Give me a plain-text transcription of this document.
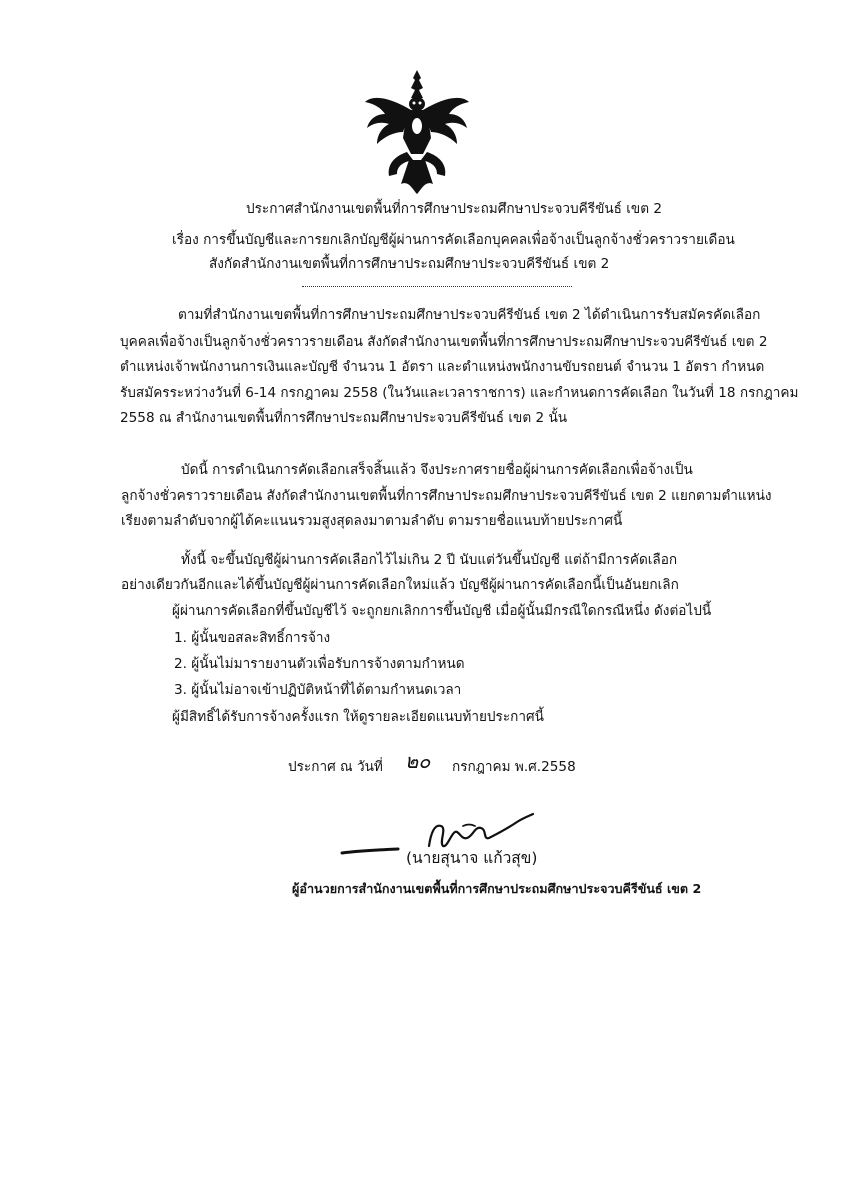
ประกาศสำนักงานเขตพื้นที่การศึกษาประถมศึกษาประจวบคีรีขันธ์ เขต 2
เรื่อง การขึ้นบัญชีและการยกเลิกบัญชีผู้ผ่านการคัดเลือกบุคคลเพื่อจ้างเป็นลูกจ้างชั่วคราวรายเดือน
สังกัดสำนักงานเขตพื้นที่การศึกษาประถมศึกษาประจวบคีรีขันธ์ เขต 2
ตามที่สำนักงานเขตพื้นที่การศึกษาประถมศึกษาประจวบคีรีขันธ์ เขต 2 ได้ดำเนินการรับสมัครคัดเลือก
บุคคลเพื่อจ้างเป็นลูกจ้างชั่วคราวรายเดือน สังกัดสำนักงานเขตพื้นที่การศึกษาประถมศึกษาประจวบคีรีขันธ์ เขต 2
ตำแหน่งเจ้าพนักงานการเงินและบัญชี จำนวน 1 อัตรา และตำแหน่งพนักงานขับรถยนต์ จำนวน 1 อัตรา กำหนด
รับสมัครระหว่างวันที่ 6-14 กรกฎาคม 2558 (ในวันและเวลาราชการ) และกำหนดการคัดเลือก ในวันที่ 18 กรกฎาคม
2558 ณ สำนักงานเขตพื้นที่การศึกษาประถมศึกษาประจวบคีรีขันธ์ เขต 2 นั้น
บัดนี้ การดำเนินการคัดเลือกเสร็จสิ้นแล้ว จึงประกาศรายชื่อผู้ผ่านการคัดเลือกเพื่อจ้างเป็น
ลูกจ้างชั่วคราวรายเดือน สังกัดสำนักงานเขตพื้นที่การศึกษาประถมศึกษาประจวบคีรีขันธ์ เขต 2 แยกตามตำแหน่ง
เรียงตามลำดับจากผู้ได้คะแนนรวมสูงสุดลงมาตามลำดับ ตามรายชื่อแนบท้ายประกาศนี้
ทั้งนี้ จะขึ้นบัญชีผู้ผ่านการคัดเลือกไว้ไม่เกิน 2 ปี นับแต่วันขึ้นบัญชี แต่ถ้ามีการคัดเลือก
อย่างเดียวกันอีกและได้ขึ้นบัญชีผู้ผ่านการคัดเลือกใหม่แล้ว บัญชีผู้ผ่านการคัดเลือกนี้เป็นอันยกเลิก
ผู้ผ่านการคัดเลือกที่ขึ้นบัญชีไว้ จะถูกยกเลิกการขึ้นบัญชี เมื่อผู้นั้นมีกรณีใดกรณีหนึ่ง ดังต่อไปนี้
1. ผู้นั้นขอสละสิทธิ์การจ้าง
2. ผู้นั้นไม่มารายงานตัวเพื่อรับการจ้างตามกำหนด
3. ผู้นั้นไม่อาจเข้าปฏิบัติหน้าที่ได้ตามกำหนดเวลา
ผู้มีสิทธิ์ได้รับการจ้างครั้งแรก ให้ดูรายละเอียดแนบท้ายประกาศนี้
ประกาศ ณ วันที่ ๒๐ กรกฎาคม พ.ศ.2558
(นายสุนาจ แก้วสุข)
ผู้อำนวยการสำนักงานเขตพื้นที่การศึกษาประถมศึกษาประจวบคีรีขันธ์ เขต 2
